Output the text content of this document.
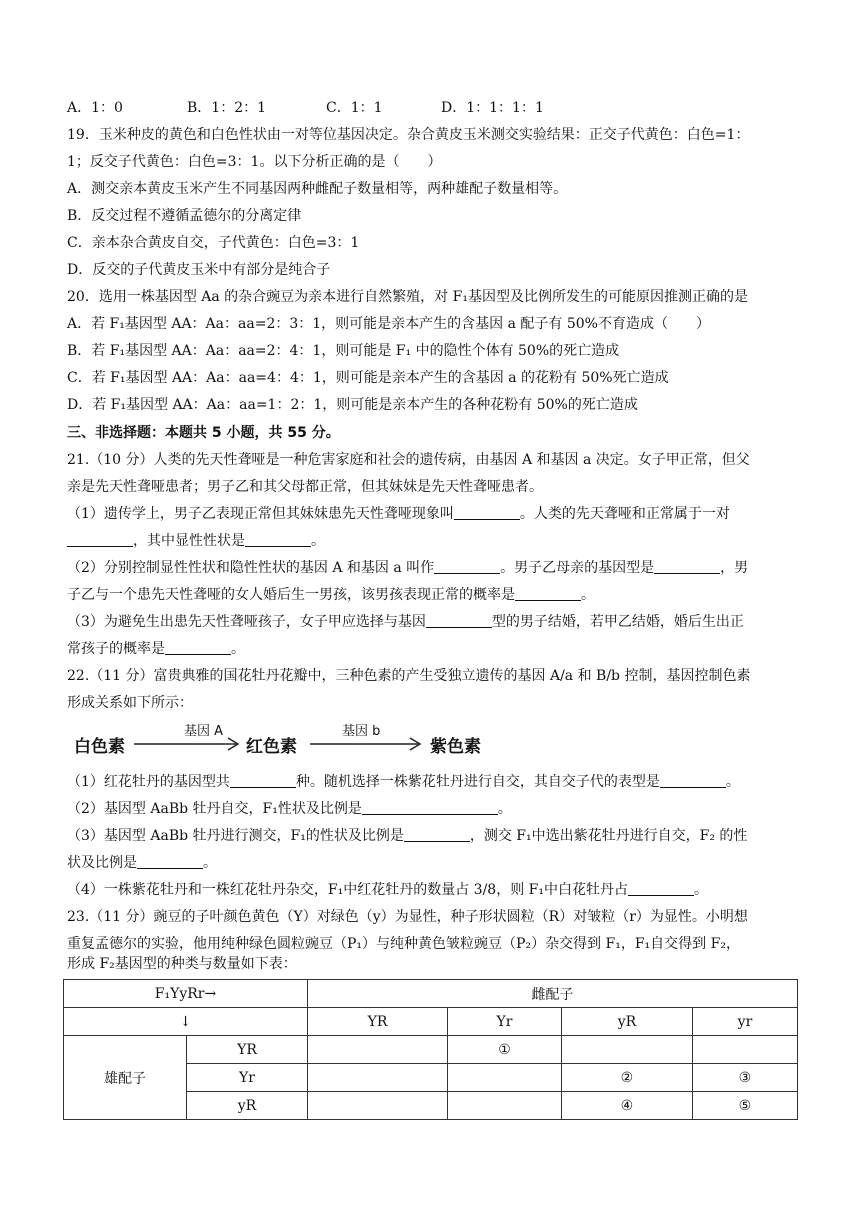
A．1：0	B．1：2：1	C．1：1	D．1：1：1：1
19．玉米种皮的黄色和白色性状由一对等位基因决定。杂合黄皮玉米测交实验结果：正交子代黄色：白色=1：
1；反交子代黄色：白色=3：1。以下分析正确的是（　　）
A．测交亲本黄皮玉米产生不同基因两种雌配子数量相等，两种雄配子数量相等。
B．反交过程不遵循孟德尔的分离定律
C．亲本杂合黄皮自交，子代黄色：白色=3：1
D．反交的子代黄皮玉米中有部分是纯合子
20．选用一株基因型 Aa 的杂合豌豆为亲本进行自然繁殖，对 F₁基因型及比例所发生的可能原因推测正确的是
A．若 F₁基因型 AA：Aa：aa=2：3：1，则可能是亲本产生的含基因 a 配子有 50%不育造成（　　）
B．若 F₁基因型 AA：Aa：aa=2：4：1，则可能是 F₁ 中的隐性个体有 50%的死亡造成
C．若 F₁基因型 AA：Aa：aa=4：4：1，则可能是亲本产生的含基因 a 的花粉有 50%死亡造成
D．若 F₁基因型 AA：Aa：aa=1：2：1，则可能是亲本产生的各种花粉有 50%的死亡造成
三、非选择题：本题共 5 小题，共 55 分。
21.（10 分）人类的先天性聋哑是一种危害家庭和社会的遗传病，由基因 A 和基因 a 决定。女子甲正常，但父
亲是先天性聋哑患者；男子乙和其父母都正常，但其妹妹是先天性聋哑患者。
（1）遗传学上，男子乙表现正常但其妹妹患先天性聋哑现象叫	。人类的先天聋哑和正常属于一对
，其中显性性状是	。
（2）分别控制显性性状和隐性性状的基因 A 和基因 a 叫作	。男子乙母亲的基因型是	，男
子乙与一个患先天性聋哑的女人婚后生一男孩，该男孩表现正常的概率是	。
（3）为避免生出患先天性聋哑孩子，女子甲应选择与基因	型的男子结婚，若甲乙结婚，婚后生出正
常孩子的概率是	。
22.（11 分）富贵典雅的国花牡丹花瓣中，三种色素的产生受独立遗传的基因 A/a 和 B/b 控制，基因控制色素
形成关系如下所示：
白色素
基因 A
红色素
基因 b
紫色素
（1）红花牡丹的基因型共	种。随机选择一株紫花牡丹进行自交，其自交子代的表型是	。
（2）基因型 AaBb 牡丹自交，F₁性状及比例是	。
（3）基因型 AaBb 牡丹进行测交，F₁的性状及比例是	，测交 F₁中选出紫花牡丹进行自交，F₂ 的性
状及比例是	。
（4）一株紫花牡丹和一株红花牡丹杂交，F₁中红花牡丹的数量占 3/8，则 F₁中白花牡丹占	。
23.（11 分）豌豆的子叶颜色黄色（Y）对绿色（y）为显性，种子形状圆粒（R）对皱粒（r）为显性。小明想
重复孟德尔的实验，他用纯种绿色圆粒豌豆（P₁）与纯种黄色皱粒豌豆（P₂）杂交得到 F₁，F₁自交得到 F₂，
形成 F₂基因型的种类与数量如下表：
F₁YyRr→		雌配子			
↓		YR	Yr	yR	yr
雄配子	YR		①		
	Yr			②	③
	yR			④	⑤
